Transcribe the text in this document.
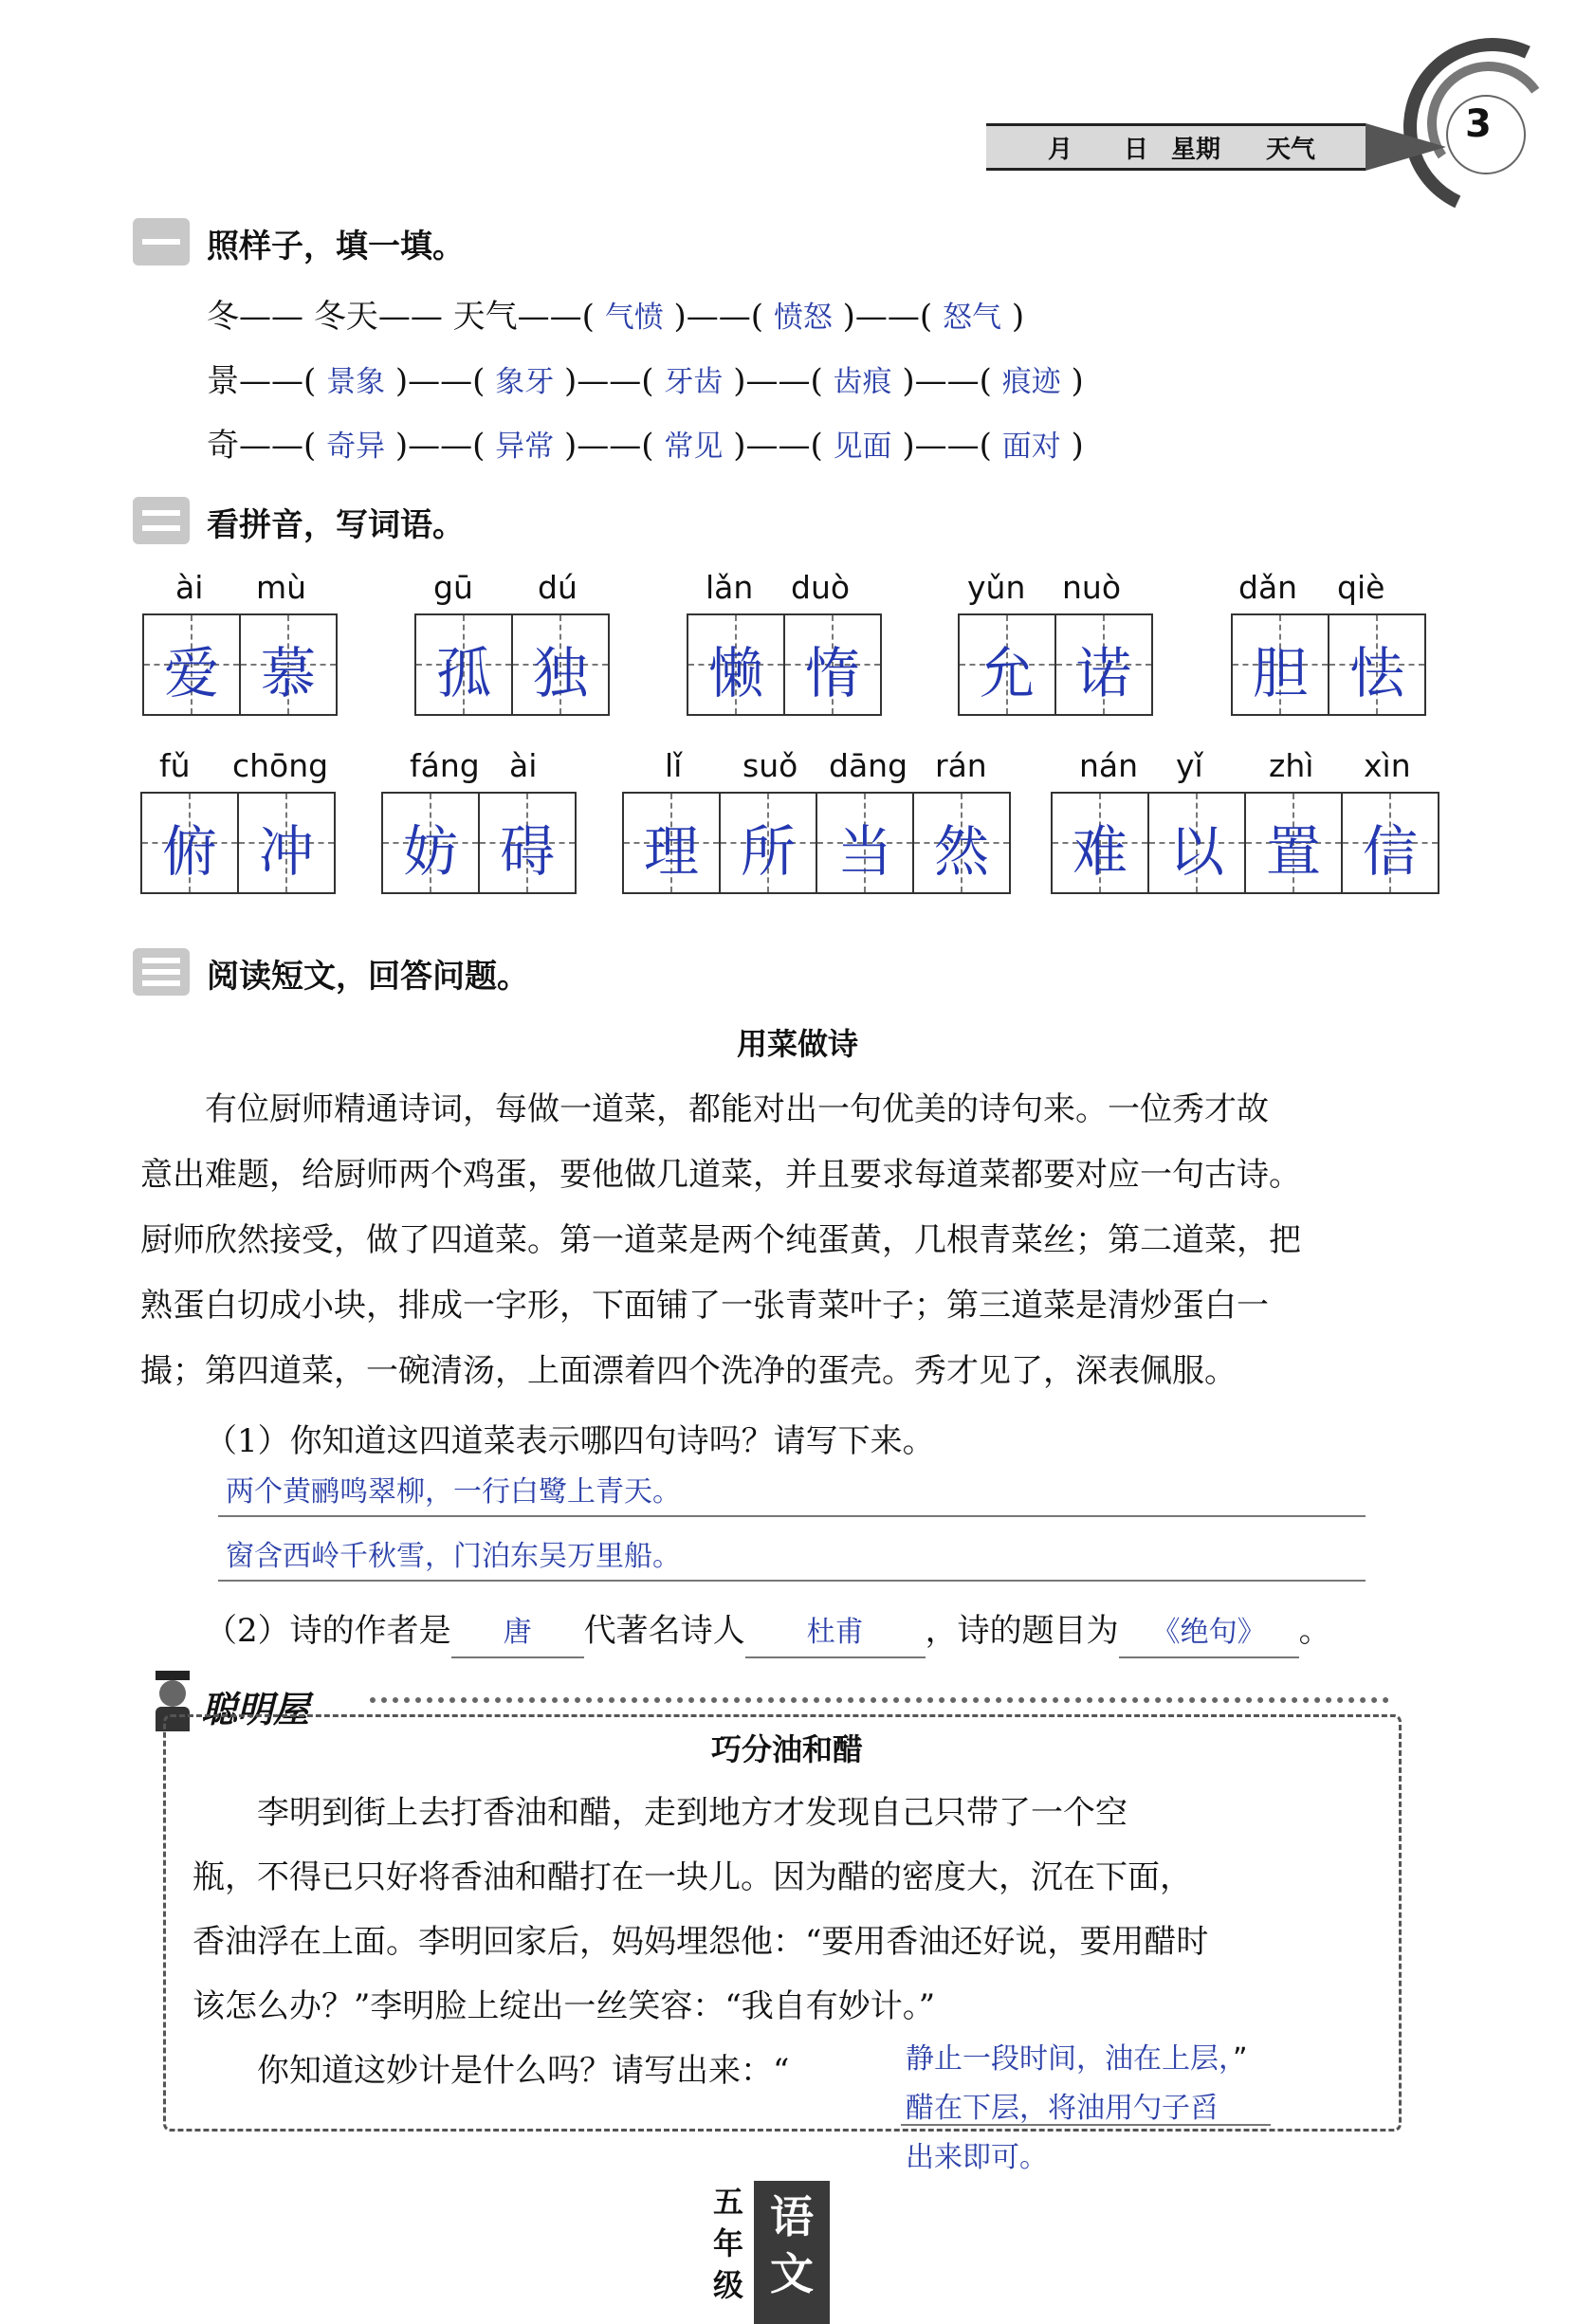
月 日 星期 天气
3
照样子，填一填。
冬—— 冬天—— 天气——( 气愤 )——( 愤怒 )——( 怒气 )
景——( 景象 )——( 象牙 )——( 牙齿 )——( 齿痕 )——( 痕迹 )
奇——( 奇异 )——( 异常 )——( 常见 )——( 见面 )——( 面对 )
看拼音，写词语。
ài mù
爱 慕
gū dú
孤 独
lǎn duò
懒 惰
yǔn nuò
允 诺
dǎn qiè
胆 怯
fǔ chōng
俯 冲
fáng ài
妨 碍
lǐ suǒ dāng rán
理 所 当 然
nán yǐ zhì xìn
难 以 置 信
阅读短文，回答问题。
用菜做诗
有位厨师精通诗词，每做一道菜，都能对出一句优美的诗句来。一位秀才故
意出难题，给厨师两个鸡蛋，要他做几道菜，并且要求每道菜都要对应一句古诗。
厨师欣然接受，做了四道菜。第一道菜是两个纯蛋黄，几根青菜丝；第二道菜，把
熟蛋白切成小块，排成一字形，下面铺了一张青菜叶子；第三道菜是清炒蛋白一
撮；第四道菜，一碗清汤，上面漂着四个洗净的蛋壳。秀才见了，深表佩服。
（1）你知道这四道菜表示哪四句诗吗？请写下来。
两个黄鹂鸣翠柳，一行白鹭上青天。
窗含西岭千秋雪，门泊东吴万里船。
（2）诗的作者是 唐 代著名诗人 杜甫 ，诗的题目为 《绝句》 。
聪明屋
巧分油和醋
李明到街上去打香油和醋，走到地方才发现自己只带了一个空
瓶，不得已只好将香油和醋打在一块儿。因为醋的密度大，沉在下面，
香油浮在上面。李明回家后，妈妈埋怨他：“要用香油还好说，要用醋时
该怎么办？”李明脸上绽出一丝笑容：“我自有妙计。”
你知道这妙计是什么吗？请写出来：“	静止一段时间，油在上层，”
醋在下层，将油用勺子舀
出来即可。
五
年
级
语
文
